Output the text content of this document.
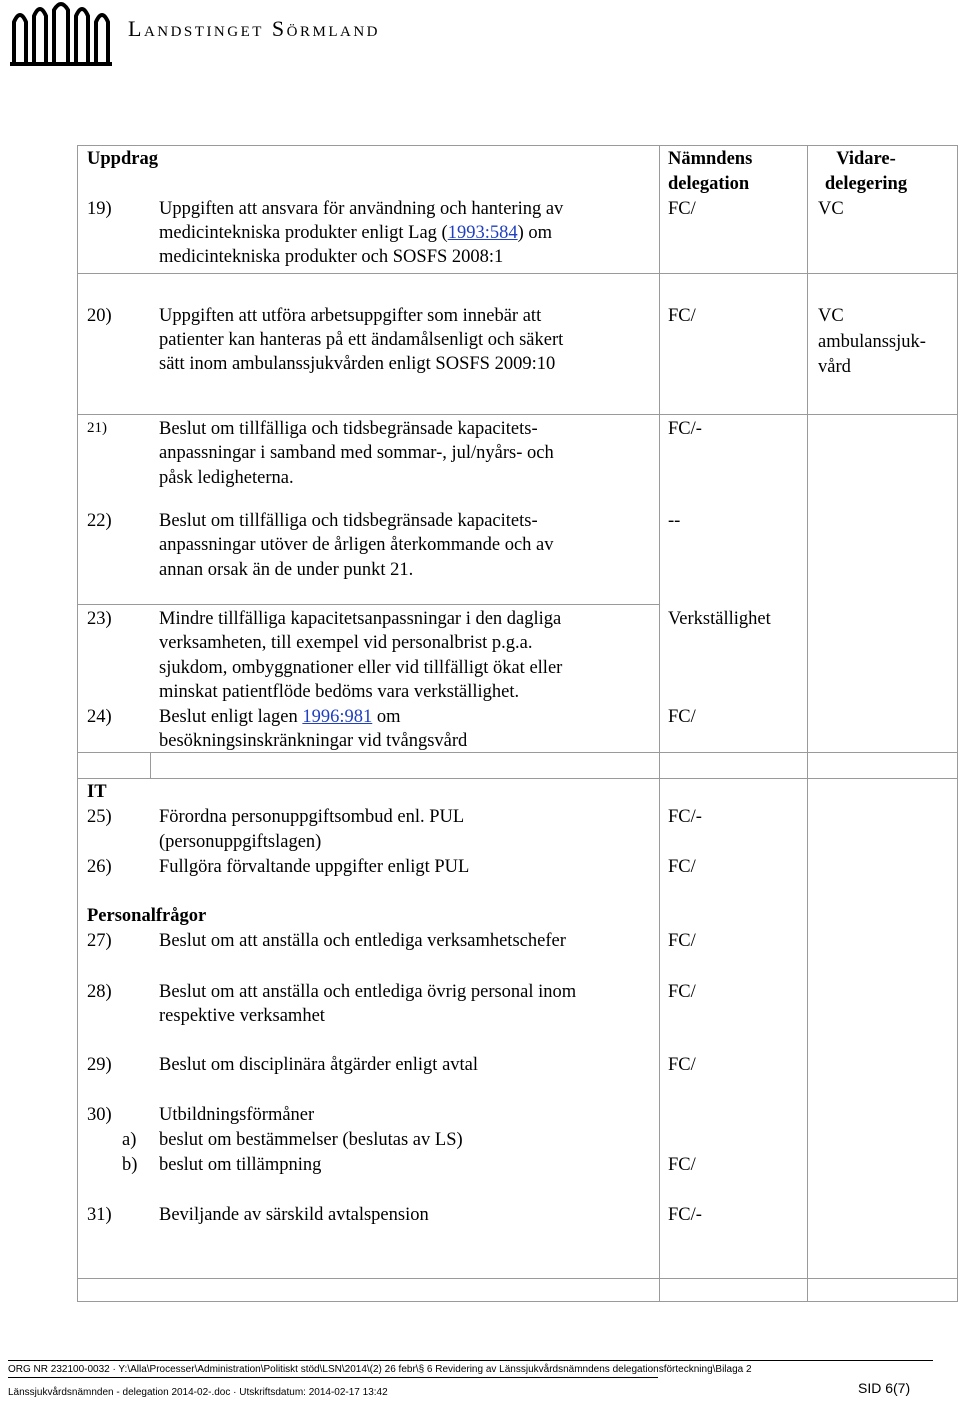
Landstinget Sörmland
Uppdrag	Nämndens
delegation
Vidare-
delegering
19)	Uppgiften att ansvara för användning och hantering av
medicintekniska produkter enligt Lag (1993:584) om
medicintekniska produkter och SOSFS 2008:1
FC/	VC
20)	Uppgiften att utföra arbetsuppgifter som innebär att
patienter kan hanteras på ett ändamålsenligt och säkert
sätt inom ambulanssjukvården enligt SOSFS 2009:10
FC/	VC
ambulanssjuk-
vård
21)	Beslut om tillfälliga och tidsbegränsade kapacitets-
anpassningar i samband med sommar-, jul/nyårs- och
påsk ledigheterna.
FC/-
22)	Beslut om tillfälliga och tidsbegränsade kapacitets-
anpassningar utöver de årligen återkommande och av
annan orsak än de under punkt 21.
--
23)	Mindre tillfälliga kapacitetsanpassningar i den dagliga
verksamheten, till exempel vid personalbrist p.g.a.
sjukdom, ombyggnationer eller vid tillfälligt ökat eller
minskat patientflöde bedöms vara verkställighet.
Verkställighet
24)	Beslut enligt lagen 1996:981 om
besökningsinskränkningar vid tvångsvård
FC/
IT
25)	Förordna personuppgiftsombud enl. PUL
(personuppgiftslagen)
FC/-
26)	Fullgöra förvaltande uppgifter enligt PUL	FC/
Personalfrågor
27)	Beslut om att anställa och entlediga verksamhetschefer	FC/
28)	Beslut om att anställa och entlediga övrig personal inom
respektive verksamhet
FC/
29)	Beslut om disciplinära åtgärder enligt avtal	FC/
30)	Utbildningsförmåner
a) beslut om bestämmelser (beslutas av LS)
b) beslut om tillämpning	FC/
31)	Beviljande av särskild avtalspension	FC/-
ORG NR 232100-0032 · Y:\Alla\Processer\Administration\Politiskt stöd\LSN\2014\(2) 26 febr\§ 6 Revidering av Länssjukvårdsnämndens delegationsförteckning\Bilaga 2
Länssjukvårdsnämnden - delegation 2014-02-.doc · Utskriftsdatum: 2014-02-17 13:42	SID 6(7)
